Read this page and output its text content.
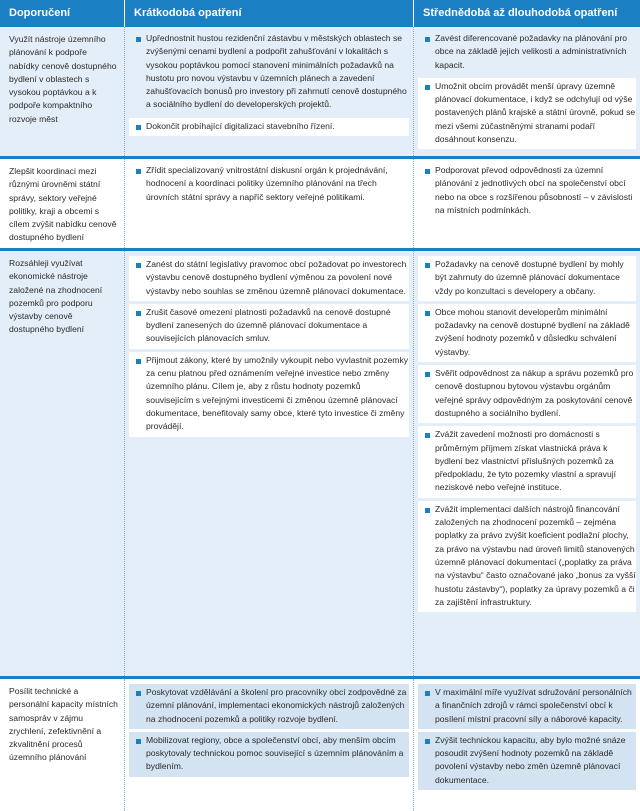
Doporučení	Krátkodobá opatření	Střednědobá až dlouhodobá opatření
Využít nástroje územního plánování k podpoře nabídky cenově dostupného bydlení v oblastech s vysokou poptávkou a k podpoře kompaktního rozvoje měst
Upřednostnit hustou rezidenční zástavbu v městských oblastech se zvýšenými cenami bydlení a podpořit zahušťování v lokalitách s vysokou poptávkou pomocí stanovení minimálních požadavků na hustotu pro novou výstavbu v územních plánech a zavedení zahušťovacích bonusů pro investory při zahrnutí cenově dostupného a sociálního bydlení do developerských projektů.
Dokončit probíhající digitalizaci stavebního řízení.
Zavést diferencované požadavky na plánování pro obce na základě jejich velikosti a administrativních kapacit.
Umožnit obcím provádět menší úpravy územně plánovací dokumentace, i když se odchylují od výše postavených plánů krajské a státní úrovně, pokud se mezi všemi zúčastněnými stranami podaří dosáhnout konsenzu.
Zlepšit koordinaci mezi různými úrovněmi státní správy, sektory veřejné politiky, kraji a obcemi s cílem zvýšit nabídku cenově dostupného bydlení
Zřídit specializovaný vnitrostátní diskusní orgán k projednávání, hodnocení a koordinaci politiky územního plánování na třech úrovních státní správy a napříč sektory veřejné politikami.
Podporovat převod odpovědnosti za územní plánování z jednotlivých obcí na společenství obcí nebo na obce s rozšířenou působností – v závislosti na místních podmínkách.
Rozsáhleji využívat ekonomické nástroje založené na zhodnocení pozemků pro podporu výstavby cenově dostupného bydlení
Zanést do státní legislativy pravomoc obcí požadovat po investorech výstavbu cenově dostupného bydlení výměnou za povolení nové výstavby nebo souhlas se změnou územně plánovací dokumentace.
Zrušit časové omezení platnosti požadavků na cenově dostupné bydlení zanesených do územně plánovací dokumentace a souvisejících plánovacích smluv.
Přijmout zákony, které by umožnily vykoupit nebo vyvlastnit pozemky za cenu platnou před oznámením veřejné investice nebo změny územního plánu. Cílem je, aby z růstu hodnoty pozemků souvisejícím s veřejnými investicemi či změnou územně plánovací dokumentace, benefitovaly samy obce, které tyto investice či změny provádějí.
Požadavky na cenově dostupné bydlení by mohly být zahrnuty do územně plánovací dokumentace vždy po konzultaci s developery a občany.
Obce mohou stanovit developerům minimální požadavky na cenově dostupné bydlení na základě zvýšení hodnoty pozemků v důsledku schválení výstavby.
Svěřit odpovědnost za nákup a správu pozemků pro cenově dostupnou bytovou výstavbu orgánům veřejné správy odpovědným za poskytování cenově dostupného a sociálního bydlení.
Zvážit zavedení možnosti pro domácnosti s průměrným příjmem získat vlastnická práva k bydlení bez vlastnictví příslušných pozemků za předpokladu, že tyto pozemky vlastní a spravují neziskové nebo veřejné instituce.
Zvážit implementaci dalších nástrojů financování založených na zhodnocení pozemků – zejména poplatky za právo zvýšit koeficient podlažní plochy, za právo na výstavbu nad úroveň limitů stanovených územně plánovací dokumentací („poplatky za práva na výstavbu“ často označované jako „bonus za vyšší hustotu zástavby“), poplatky za úpravy pozemků a či za zajištění infrastruktury.
Posílit technické a personální kapacity místních samospráv v zájmu zrychlení, zefektivnění a zkvalitnění procesů územního plánování
Poskytovat vzdělávání a školení pro pracovníky obcí zodpovědné za územní plánování, implementaci ekonomických nástrojů založených na zhodnocení pozemků a politiky rozvoje bydlení.
Mobilizovat regiony, obce a společenství obcí, aby menším obcím poskytovaly technickou pomoc související s územním plánováním a bydlením.
V maximální míře využívat sdružování personálních a finančních zdrojů v rámci společenství obcí k posílení místní pracovní síly a náborové kapacity.
Zvýšit technickou kapacitu, aby bylo možné snáze posoudit zvýšení hodnoty pozemků na základě povolení výstavby nebo změn územně plánovací dokumentace.
